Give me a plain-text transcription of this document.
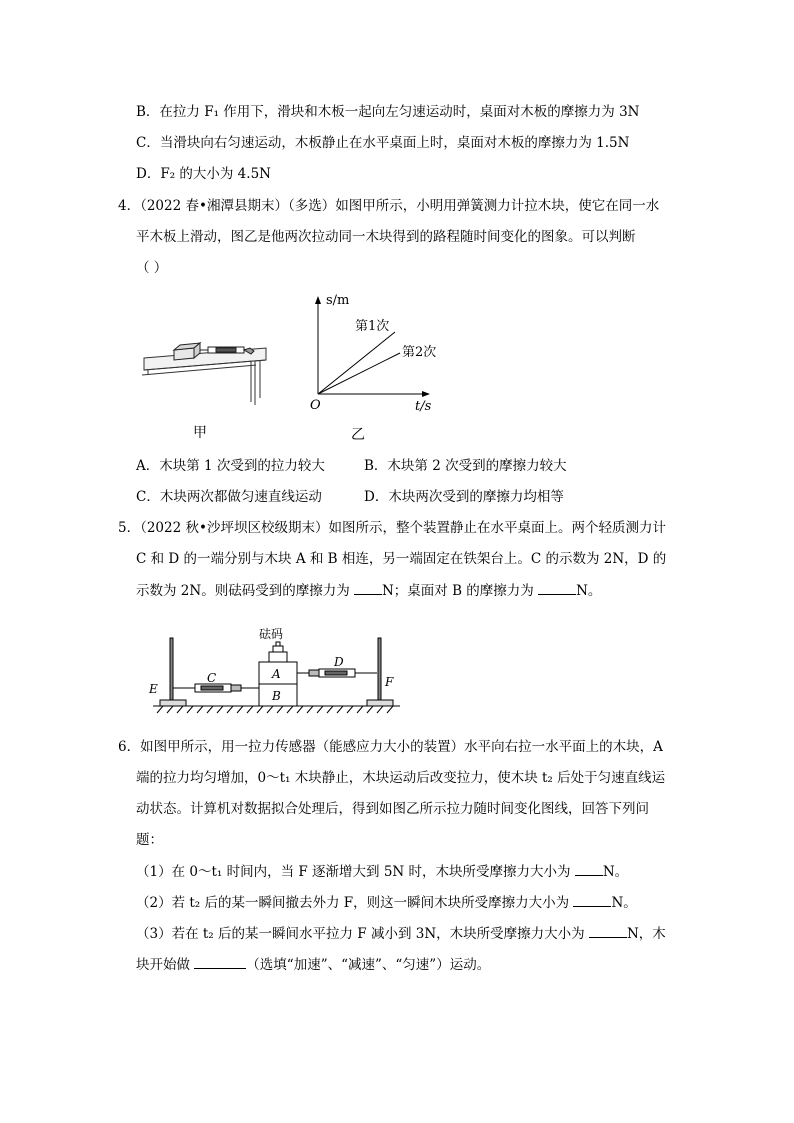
B．在拉力 F₁ 作用下，滑块和木板一起向左匀速运动时，桌面对木板的摩擦力为 3N
C．当滑块向右匀速运动，木板静止在水平桌面上时，桌面对木板的摩擦力为 1.5N
D．F₂ 的大小为 4.5N
4．（2022 春•湘潭县期末）（多选）如图甲所示，小明用弹簧测力计拉木块，使它在同一水
平木板上滑动，图乙是他两次拉动同一木块得到的路程随时间变化的图象。可以判断
（ ）
甲
s/m
t/s
O
第1次
第2次
乙
A．木块第 1 次受到的拉力较大	B．木块第 2 次受到的摩擦力较大
C．木块两次都做匀速直线运动	D．木块两次受到的摩擦力均相等
5．（2022 秋•沙坪坝区校级期末）如图所示，整个装置静止在水平桌面上。两个轻质测力计
C 和 D 的一端分别与木块 A 和 B 相连，另一端固定在铁架台上。C 的示数为 2N，D 的
示数为 2N。则砝码受到的摩擦力为 N；桌面对 B 的摩擦力为	N。
砝码
A
B
C
D
E	F
6．如图甲所示，用一拉力传感器（能感应力大小的装置）水平向右拉一水平面上的木块，A
端的拉力均匀增加，0～t₁ 木块静止，木块运动后改变拉力，使木块 t₂ 后处于匀速直线运
动状态。计算机对数据拟合处理后，得到如图乙所示拉力随时间变化图线，回答下列问
题：
（1）在 0～t₁ 时间内，当 F 逐渐增大到 5N 时，木块所受摩擦力大小为 N。
（2）若 t₂ 后的某一瞬间撤去外力 F，则这一瞬间木块所受摩擦力大小为	N。
（3）若在 t₂ 后的某一瞬间水平拉力 F 减小到 3N，木块所受摩擦力大小为	N，木
块开始做	（选填“加速”、“减速”、“匀速”）运动。
